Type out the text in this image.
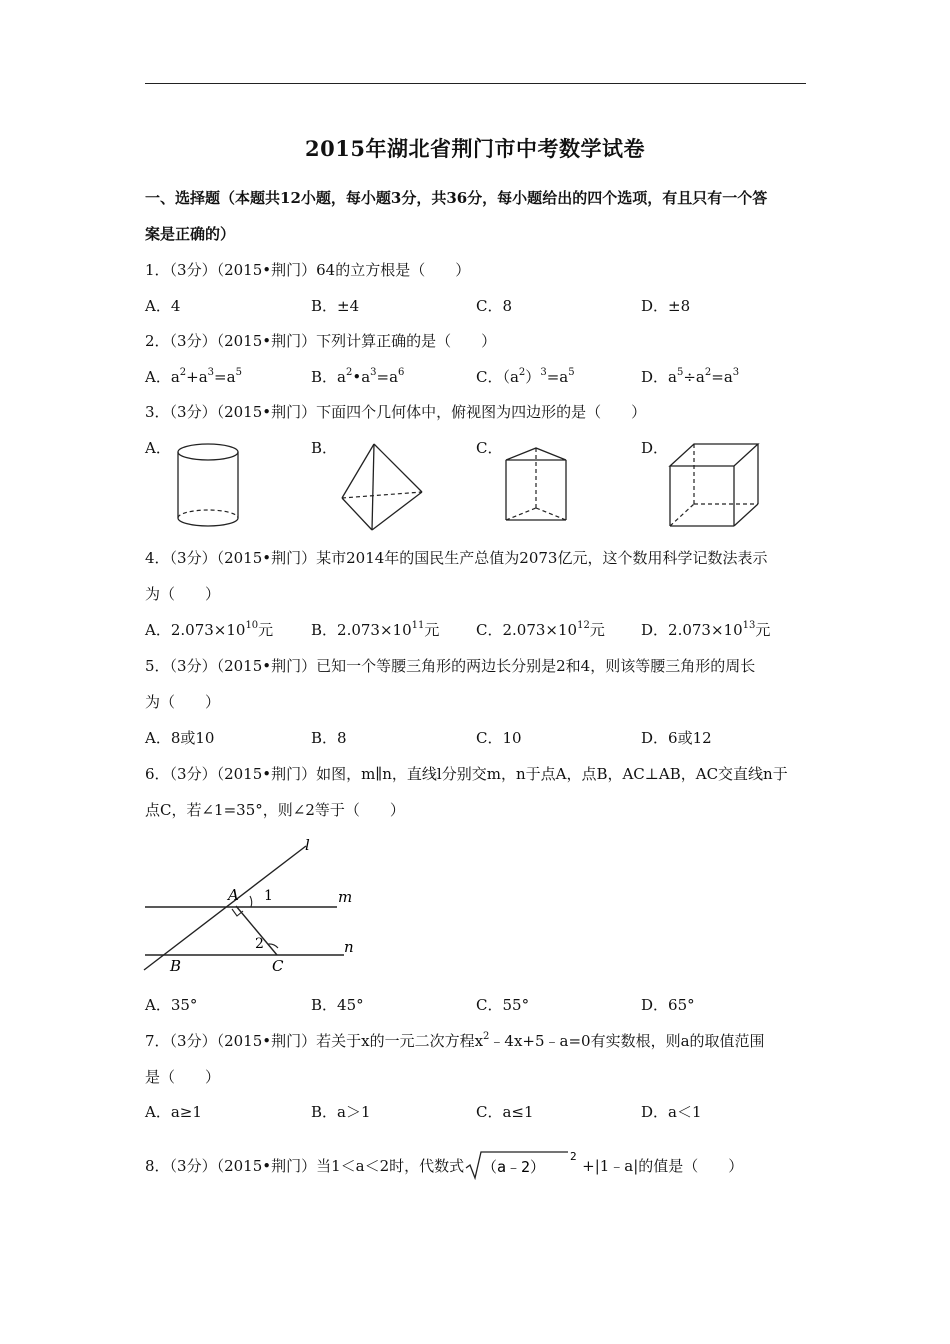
2015年湖北省荆门市中考数学试卷
一、选择题（本题共12小题，每小题3分，共36分，每小题给出的四个选项，有且只有一个答
案是正确的）
1．（3分）（2015•荆门）64的立方根是（　　）
A．4	B．±4	C．8	D．±8
2．（3分）（2015•荆门）下列计算正确的是（　　）
A．$a^2+a^3=a^5$	B．$a^2•a^3=a^6$	C．$(a^2)^3=a^5$	D．$a^5\div a^2=a^3$
3．（3分）（2015•荆门）下面四个几何体中，俯视图为四边形的是（　　）
A．	B．	C．	D．
4．（3分）（2015•荆门）某市2014年的国民生产总值为2073亿元，这个数用科学记数法表示
为（　　）
A．$2.073\times 10^{10}$元	B．$2.073\times 10^{11}$元 C．$2.073\times 10^{12}$元 D．$2.073\times 10^{13}$元
5．（3分）（2015•荆门）已知一个等腰三角形的两边长分别是2和4，则该等腰三角形的周长
为（　　）
A．8或10	B．8	C．10	D．6或12
6．（3分）（2015•荆门）如图，m∥n，直线l分别交m，n于点A，点B，AC⊥AB，AC交直线n于
点C，若∠1=35°，则∠2等于（　　）
l
m
n
A
B	C
1
2
A．35°	B．45°	C．55°	D．65°
7．（3分）（2015•荆门）若关于x的一元二次方程$x^2﹣4x+5﹣a=0$有实数根，则a的取值范围
是（　　）
A．a≥1	B．a＞1	C．a≤1	D．a＜1
8．（3分）（2015•荆门）当1＜a＜2时，代数式 （a﹣2）
2
+|1﹣a|的值是（　　）
